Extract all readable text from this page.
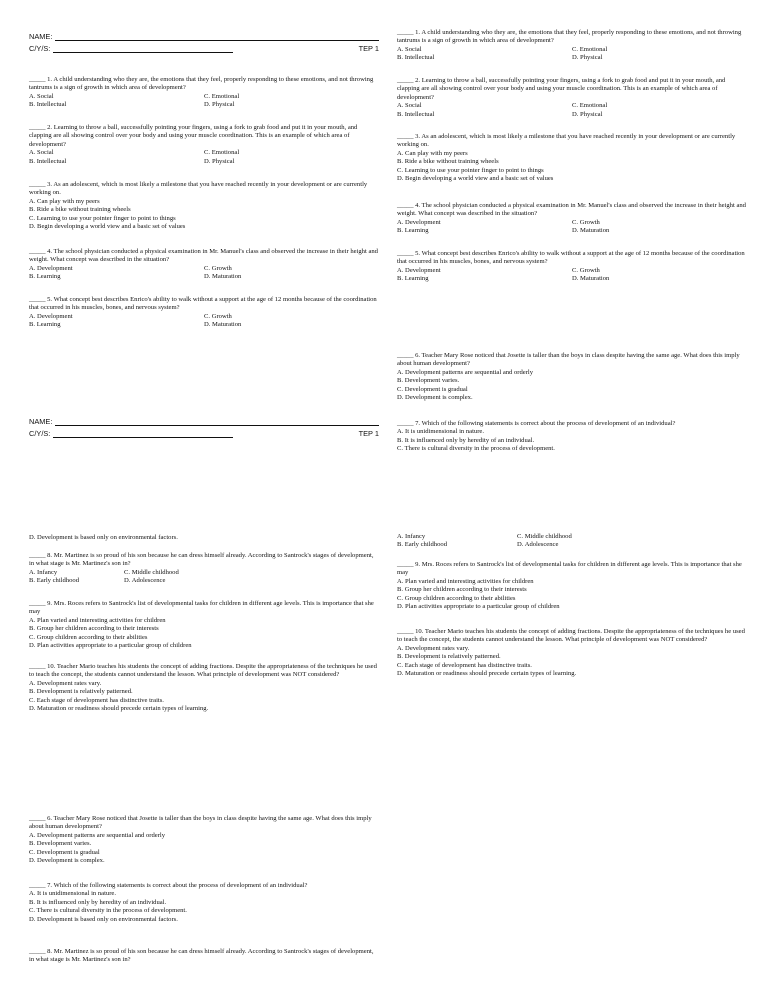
NAME:
C/Y/S:	TEP 1
_____ 1. A child understanding who they are, the emotions that they feel, properly responding to these emotions, and not throwing tantrums is a sign of growth in which area of development?
A. Social	C. Emotional
B. Intellectual	D. Physical
_____ 2. Learning to throw a ball, successfully pointing your fingers, using a fork to grab food and put it in your mouth, and clapping are all showing control over your body and using your muscle coordination. This is an example of which area of development?
A. Social	C. Emotional
B. Intellectual	D. Physical
_____ 3. As an adolescent, which is most likely a milestone that you have reached recently in your development or are currently working on.
A. Can play with my peers
B. Ride a bike without training wheels
C. Learning to use your pointer finger to point to things
D. Begin developing a world view and a basic set of values
_____ 4. The school physician conducted a physical examination in Mr. Manuel's class and observed the increase in their height and weight. What concept was described in the situation?
A. Development	C. Growth
B. Learning	D. Maturation
_____ 5. What concept best describes Enrico's ability to walk without a support at the age of 12 months because of the coordination that occurred in his muscles, bones, and nervous system?
A. Development	C. Growth
B. Learning	D. Maturation
NAME:
C/Y/S:	TEP 1
D. Development is based only on environmental factors.
_____ 8. Mr. Martinez is so proud of his son because he can dress himself already. According to Santrock's stages of development, in what stage is Mr. Martinez's son in?
A. Infancy	C. Middle childhood
B. Early childhood	D. Adolescence
_____ 9. Mrs. Roces refers to Santrock's list of developmental tasks for children in different age levels. This is importance that she may
A. Plan varied and interesting activities for children
B. Group her children according to their interests
C. Group children according to their abilities
D. Plan activities appropriate to a particular group of children
_____ 10. Teacher Mario teaches his students the concept of adding fractions. Despite the appropriateness of the techniques he used to teach the concept, the students cannot understand the lesson. What principle of development was NOT considered?
A. Development rates vary.
B. Development is relatively patterned.
C. Each stage of development has distinctive traits.
D. Maturation or readiness should precede certain types of learning.
_____ 6. Teacher Mary Rose noticed that Josette is taller than the boys in class despite having the same age. What does this imply about human development?
A. Development patterns are sequential and orderly
B. Development varies.
C. Development is gradual
D. Development is complex.
_____ 7. Which of the following statements is correct about the process of development of an individual?
A. It is unidimensional in nature.
B. It is influenced only by heredity of an individual.
C. There is cultural diversity in the process of development.
D. Development is based only on environmental factors.
_____ 8. Mr. Martinez is so proud of his son because he can dress himself already. According to Santrock's stages of development, in what stage is Mr. Martinez's son in?
_____ 1. A child understanding who they are, the emotions that they feel, properly responding to these emotions, and not throwing tantrums is a sign of growth in which area of development?
A. Social	C. Emotional
B. Intellectual	D. Physical
_____ 2. Learning to throw a ball, successfully pointing your fingers, using a fork to grab food and put it in your mouth, and clapping are all showing control over your body and using your muscle coordination. This is an example of which area of development?
A. Social	C. Emotional
B. Intellectual	D. Physical
_____ 3. As an adolescent, which is most likely a milestone that you have reached recently in your development or are currently working on.
A. Can play with my peers
B. Ride a bike without training wheels
C. Learning to use your pointer finger to point to things
D. Begin developing a world view and a basic set of values
_____ 4. The school physician conducted a physical examination in Mr. Manuel's class and observed the increase in their height and weight. What concept was described in the situation?
A. Development	C. Growth
B. Learning	D. Maturation
_____ 5. What concept best describes Enrico's ability to walk without a support at the age of 12 months because of the coordination that occurred in his muscles, bones, and nervous system?
A. Development	C. Growth
B. Learning	D. Maturation
_____ 6. Teacher Mary Rose noticed that Josette is taller than the boys in class despite having the same age. What does this imply about human development?
A. Development patterns are sequential and orderly
B. Development varies.
C. Development is gradual
D. Development is complex.
_____ 7. Which of the following statements is correct about the process of development of an individual?
A. It is unidimensional in nature.
B. It is influenced only by heredity of an individual.
C. There is cultural diversity in the process of development.
A. Infancy	C. Middle childhood
B. Early childhood	D. Adolescence
_____ 9. Mrs. Roces refers to Santrock's list of developmental tasks for children in different age levels. This is importance that she may
A. Plan varied and interesting activities for children
B. Group her children according to their interests
C. Group children according to their abilities
D. Plan activities appropriate to a particular group of children
_____ 10. Teacher Mario teaches his students the concept of adding fractions. Despite the appropriateness of the techniques he used to teach the concept, the students cannot understand the lesson. What principle of development was NOT considered?
A. Development rates vary.
B. Development is relatively patterned.
C. Each stage of development has distinctive traits.
D. Maturation or readiness should precede certain types of learning.
